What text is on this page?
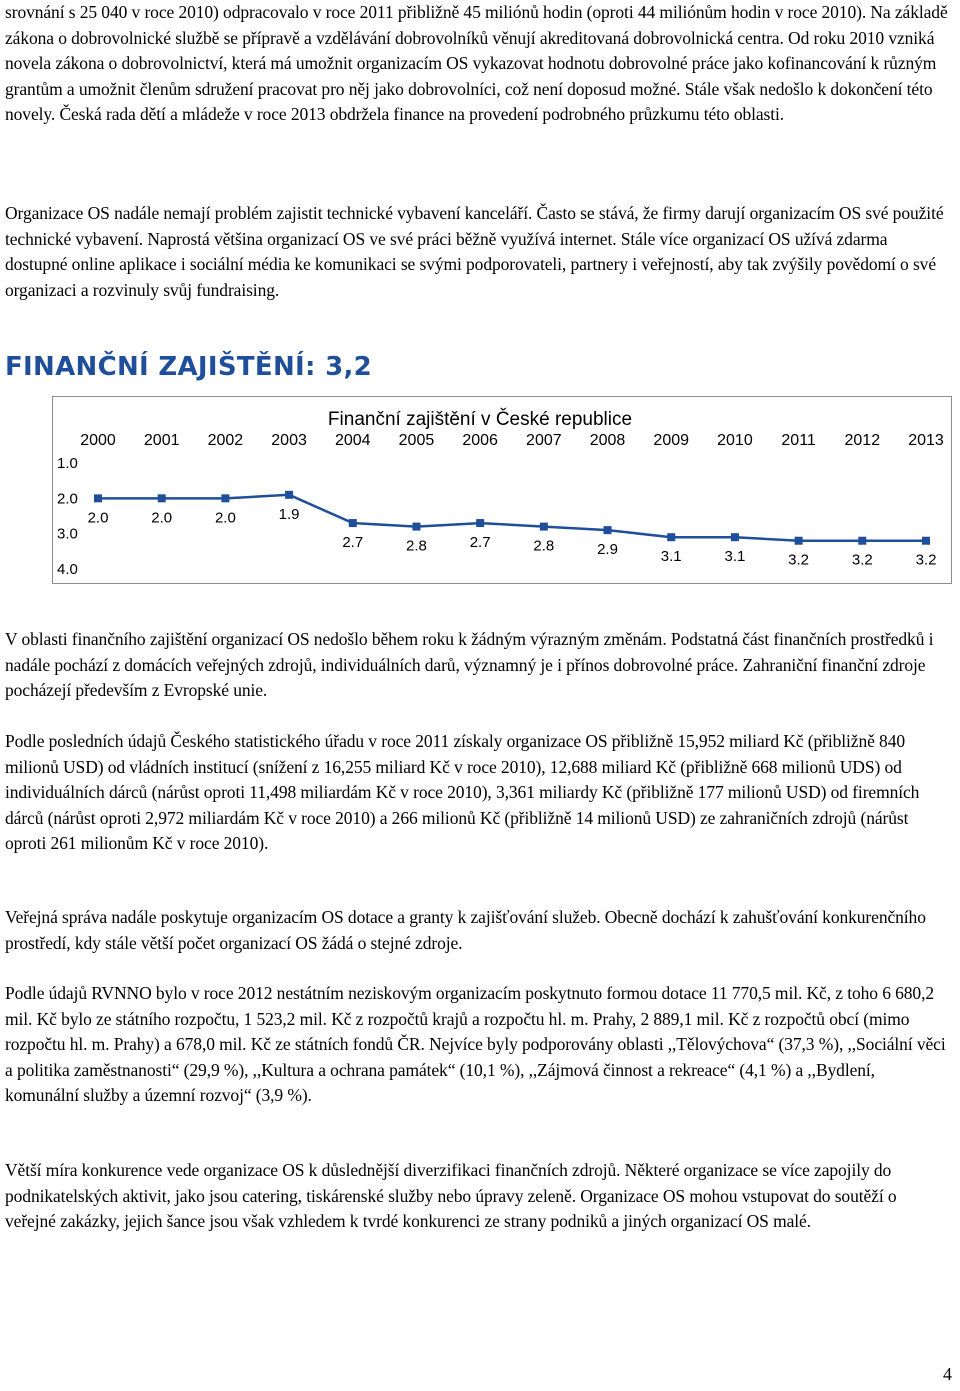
srovnání s 25 040 v roce 2010) odpracovalo v roce 2011 přibližně 45 miliónů hodin (oproti 44 miliónům hodin v roce 2010). Na základě zákona o dobrovolnické službě se přípravě a vzdělávání dobrovolníků věnují akreditovaná dobrovolnická centra. Od roku 2010 vzniká novela zákona o dobrovolnictví, která má umožnit organizacím OS vykazovat hodnotu dobrovolné práce jako kofinancování k různým grantům a umožnit členům sdružení pracovat pro něj jako dobrovolníci, což není doposud možné. Stále však nedošlo k dokončení této novely. Česká rada dětí a mládeže v roce 2013 obdržela finance na provedení podrobného průzkumu této oblasti.

Organizace OS nadále nemají problém zajistit technické vybavení kanceláří. Často se stává, že firmy darují organizacím OS své použité technické vybavení. Naprostá většina organizací OS ve své práci běžně využívá internet. Stále více organizací OS užívá zdarma dostupné online aplikace i sociální média ke komunikaci se svými podporovateli, partnery i veřejností, aby tak zvýšily povědomí o své organizaci a rozvinuly svůj fundraising.

FINANČNÍ ZAJIŠTĚNÍ: 3,2
Finanční zajištění v České republice
2000 2001 2002 2003 2004 2005 2006 2007 2008 2009 2010 2011 2012 2013
1.0
2.0
3.0
4.0
2.0	2.0	2.0	1.9
2.7	2.8	2.7	2.8	2.9	3.1	3.1	3.2	3.2	3.2

V oblasti finančního zajištění organizací OS nedošlo během roku k žádným výrazným změnám. Podstatná část finančních prostředků i nadále pochází z domácích veřejných zdrojů, individuálních darů, významný je i přínos dobrovolné práce. Zahraniční finanční zdroje pocházejí především z Evropské unie.

Podle posledních údajů Českého statistického úřadu v roce 2011 získaly organizace OS přibližně 15,952 miliard Kč (přibližně 840 milionů USD) od vládních institucí (snížení z 16,255 miliard Kč v roce 2010), 12,688 miliard Kč (přibližně 668 milionů UDS) od individuálních dárců (nárůst oproti 11,498 miliardám Kč v roce 2010), 3,361 miliardy Kč (přibližně 177 milionů USD) od firemních dárců (nárůst oproti 2,972 miliardám Kč v roce 2010) a 266 milionů Kč (přibližně 14 milionů USD) ze zahraničních zdrojů (nárůst oproti 261 milionům Kč v roce 2010).

Veřejná správa nadále poskytuje organizacím OS dotace a granty k zajišťování služeb. Obecně dochází k zahušťování konkurenčního prostředí, kdy stále větší počet organizací OS žádá o stejné zdroje.

Podle údajů RVNNO bylo v roce 2012 nestátním neziskovým organizacím poskytnuto formou dotace 11 770,5 mil. Kč, z toho 6 680,2 mil. Kč bylo ze státního rozpočtu, 1 523,2 mil. Kč z rozpočtů krajů a rozpočtu hl. m. Prahy, 2 889,1 mil. Kč z rozpočtů obcí (mimo rozpočtu hl. m. Prahy) a 678,0 mil. Kč ze státních fondů ČR. Nejvíce byly podporovány oblasti ,,Tělovýchova“ (37,3 %), ,,Sociální věci a politika zaměstnanosti“ (29,9 %), ,,Kultura a ochrana památek“ (10,1 %), ,,Zájmová činnost a rekreace“ (4,1 %) a ,,Bydlení, komunální služby a územní rozvoj“ (3,9 %).

Větší míra konkurence vede organizace OS k důslednější diverzifikaci finančních zdrojů. Některé organizace se více zapojily do podnikatelských aktivit, jako jsou catering, tiskárenské služby nebo úpravy zeleně. Organizace OS mohou vstupovat do soutěží o veřejné zakázky, jejich šance jsou však vzhledem k tvrdé konkurenci ze strany podniků a jiných organizací OS malé.

4
